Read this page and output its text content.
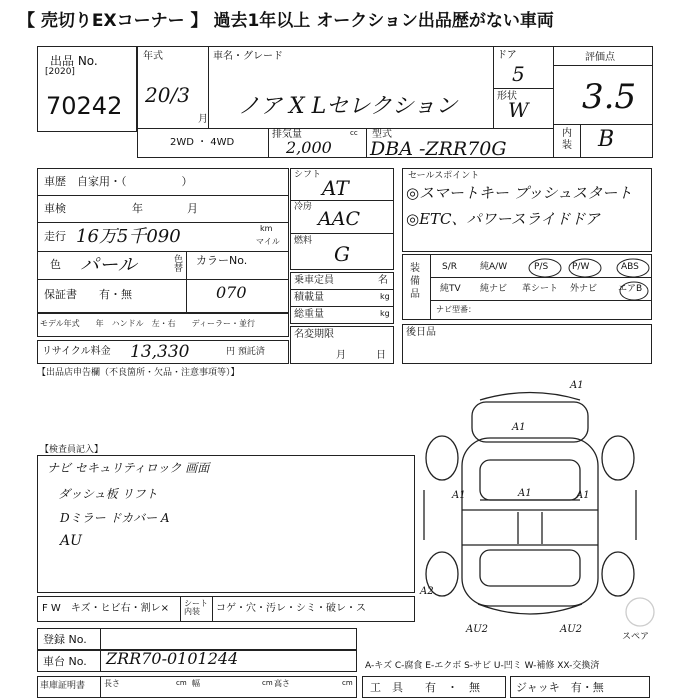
【 売切りEXコーナー 】 過去1年以上 オークション出品歴がない車両
出品 No.
[2020]
70242
年式
20/3
月
車名・グレード
ノア X Lセレクション
ドア
5
形状
W
評価点
3.5
内装 B
2WD ・ 4WD
排気量
2,000
cc 型式
DBA -ZRR70G
車歴　自家用・（　　　　　）
車検　　　　　　年　　　　月
走行 16万5千090	km
マイル
色 パール	色替
カラーNo.
070
保証書　　有・無
モデル年式　　年　ハンドル　左・右　　ディーラー・並行
リサイクル料金 13,330	円 預託済
シフト
AT
冷房
AAC
燃料
G
乗車定員	名
積載量	kg
総重量	kg
名変期限
月　　　日
セールスポイント
◎スマートキー プッシュスタート
◎ETC、パワースライドドア
装備品
S/R	純A/W	P/S	P/W	ABS
純TV 純ナビ 革シート 外ナビ エアB
ナビ型番：
後日品
【出品店申告欄（不良箇所・欠品・注意事項等）】
【検査員記入】
ナビ セキュリティロック 画面
ダッシュ板 リフト
Dミラー ドカバー A
AU
F W　キズ・ヒビ右・割レ× シート内装	コゲ・穴・汚レ・シミ・破レ・ス
登録 No.
車台 No. ZRR70-0101244
車庫証明書 長さ	cm 幅	cm 高さ	cm
A-キズ C-腐食 E-エクボ S-サビ U-凹ミ W-補修 XX-交換済
工　具　　有　・　無	ジャッキ　有・無
A1
A1
A1	A1	A1
A2
AU2	AU2
スペア
